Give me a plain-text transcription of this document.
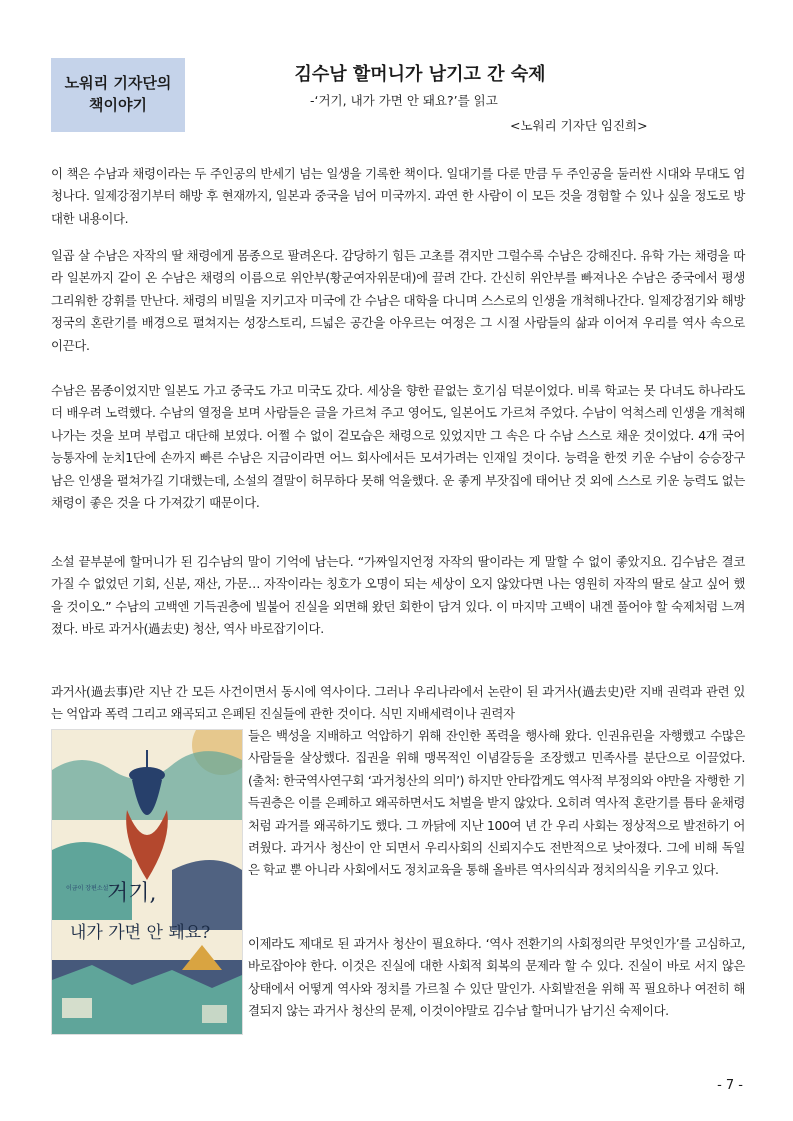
노워리 기자단의
책이야기
김수남 할머니가 남기고 간 숙제
-‘거기, 내가 가면 안 돼요?’를 읽고
<노워리 기자단 임진희>

이 책은 수남과 채령이라는 두 주인공의 반세기 넘는 일생을 기록한 책이다. 일대기를 다룬 만큼 두 주인공을 둘러싼 시대와 무대도 엄청나다. 일제강점기부터 해방 후 현재까지, 일본과 중국을 넘어 미국까지. 과연 한 사람이 이 모든 것을 경험할 수 있나 싶을 정도로 방대한 내용이다.

일곱 살 수남은 자작의 딸 채령에게 몸종으로 팔려온다. 감당하기 힘든 고초를 겪지만 그럴수록 수남은 강해진다. 유학 가는 채령을 따라 일본까지 같이 온 수남은 채령의 이름으로 위안부(황군여자위문대)에 끌려 간다. 간신히 위안부를 빠져나온 수남은 중국에서 평생 그리워한 강휘를 만난다. 채령의 비밀을 지키고자 미국에 간 수남은 대학을 다니며 스스로의 인생을 개척해나간다. 일제강점기와 해방 정국의 혼란기를 배경으로 펼쳐지는 성장스토리, 드넓은 공간을 아우르는 여정은 그 시절 사람들의 삶과 이어져 우리를 역사 속으로 이끈다.

수남은 몸종이었지만 일본도 가고 중국도 가고 미국도 갔다. 세상을 향한 끝없는 호기심 덕분이었다. 비록 학교는 못 다녀도 하나라도 더 배우려 노력했다. 수남의 열정을 보며 사람들은 글을 가르쳐 주고 영어도, 일본어도 가르쳐 주었다. 수남이 억척스레 인생을 개척해나가는 것을 보며 부럽고 대단해 보였다. 어쩔 수 없이 겉모습은 채령으로 있었지만 그 속은 다 수남 스스로 채운 것이었다. 4개 국어 능통자에 눈치1단에 손까지 빠른 수남은 지금이라면 어느 회사에서든 모셔가려는 인재일 것이다. 능력을 한껏 키운 수남이 승승장구 남은 인생을 펼쳐가길 기대했는데, 소설의 결말이 허무하다 못해 억울했다. 운 좋게 부잣집에 태어난 것 외에 스스로 키운 능력도 없는 채령이 좋은 것을 다 가져갔기 때문이다.

소설 끝부분에 할머니가 된 김수남의 말이 기억에 남는다. “가짜일지언정 자작의 딸이라는 게 말할 수 없이 좋았지요. 김수남은 결코 가질 수 없었던 기회, 신분, 재산, 가문… 자작이라는 칭호가 오명이 되는 세상이 오지 않았다면 나는 영원히 자작의 딸로 살고 싶어 했을 것이오.” 수남의 고백엔 기득권층에 빌붙어 진실을 외면해 왔던 회한이 담겨 있다. 이 마지막 고백이 내겐 풀어야 할 숙제처럼 느껴졌다. 바로 과거사(過去史) 청산, 역사 바로잡기이다.

과거사(過去事)란 지난 간 모든 사건이면서 동시에 역사이다. 그러나 우리나라에서 논란이 된 과거사(過去史)란 지배 권력과 관련 있는 억압과 폭력 그리고 왜곡되고 은폐된 진실들에 관한 것이다. 식민 지배세력이나 권력자

이금이 장편소설
거기,
내가 가면 안 돼요?

들은 백성을 지배하고 억압하기 위해 잔인한 폭력을 행사해 왔다. 인권유린을 자행했고 수많은 사람들을 살상했다. 집권을 위해 맹목적인 이념갈등을 조장했고 민족사를 분단으로 이끌었다. (출처: 한국역사연구회 ‘과거청산의 의미’) 하지만 안타깝게도 역사적 부정의와 야만을 자행한 기득권층은 이를 은폐하고 왜곡하면서도 처벌을 받지 않았다. 오히려 역사적 혼란기를 틈타 윤채령처럼 과거를 왜곡하기도 했다. 그 까닭에 지난 100여 년 간 우리 사회는 정상적으로 발전하기 어려웠다. 과거사 청산이 안 되면서 우리사회의 신뢰지수도 전반적으로 낮아졌다. 그에 비해 독일은 학교 뿐 아니라 사회에서도 정치교육을 통해 올바른 역사의식과 정치의식을 키우고 있다.

이제라도 제대로 된 과거사 청산이 필요하다. ‘역사 전환기의 사회정의란 무엇인가’를 고심하고, 바로잡아야 한다. 이것은 진실에 대한 사회적 회복의 문제라 할 수 있다. 진실이 바로 서지 않은 상태에서 어떻게 역사와 정치를 가르칠 수 있단 말인가. 사회발전을 위해 꼭 필요하나 여전히 해결되지 않는 과거사 청산의 문제, 이것이야말로 김수남 할머니가 남기신 숙제이다.

- 7 -
